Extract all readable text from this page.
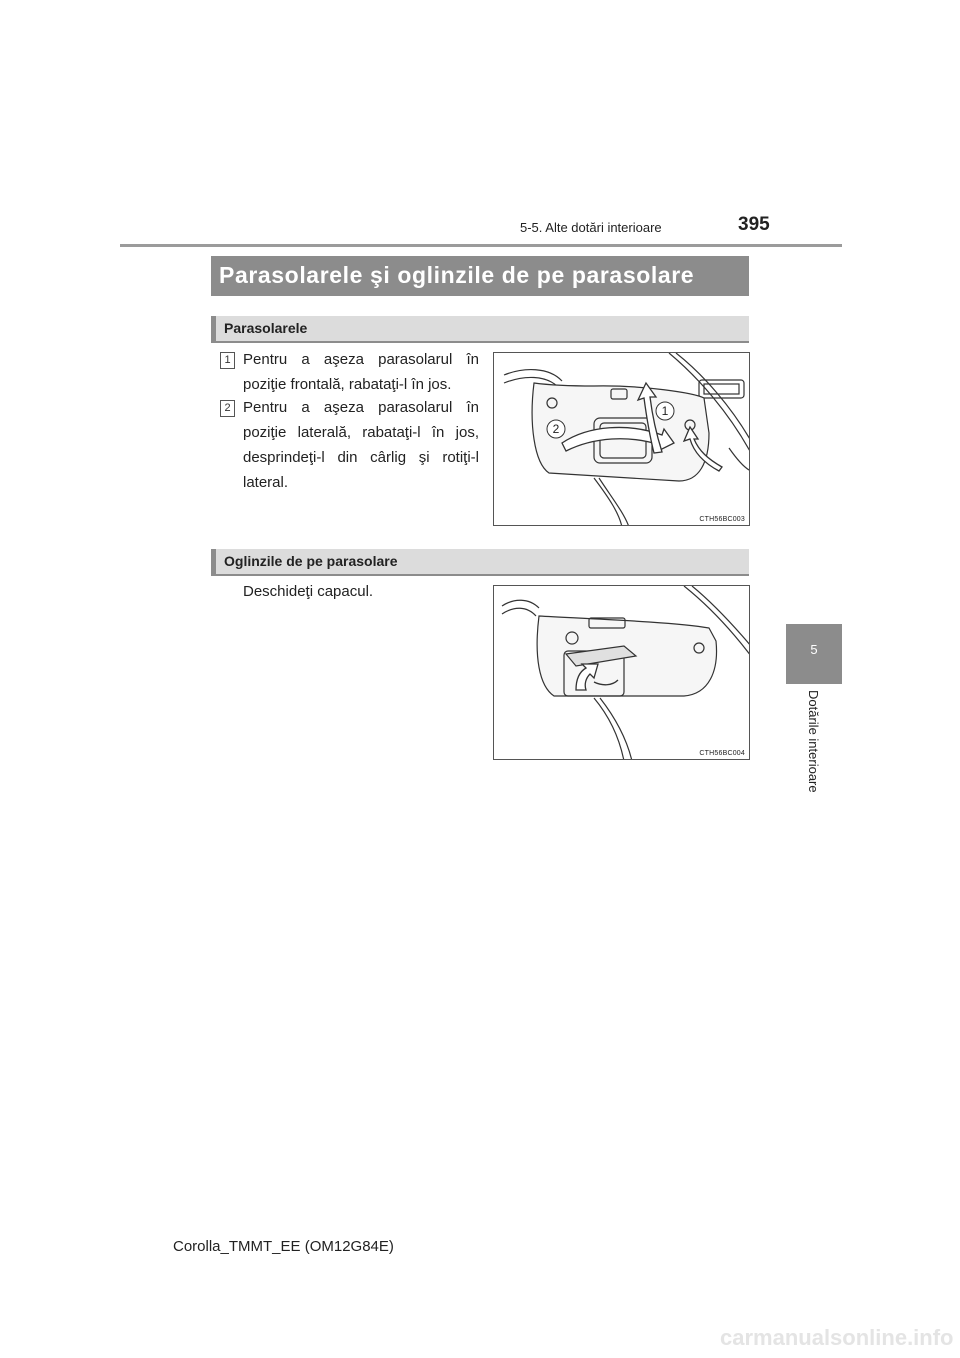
5-5. Alte dotări interioare	395
Parasolarele şi oglinzile de pe parasolare
Parasolarele
1 Pentru a aşeza parasolarul în poziţie frontală, rabataţi-l în jos.
2 Pentru a aşeza parasolarul în poziţie laterală, rabataţi-l în jos, desprindeţi-l din cârlig şi rotiţi-l lateral.
1
2
CTH56BC003
Oglinzile de pe parasolare
Deschideţi capacul.
CTH56BC004
5
Dotările interioare
Corolla_TMMT_EE (OM12G84E)
carmanualsonline.info
